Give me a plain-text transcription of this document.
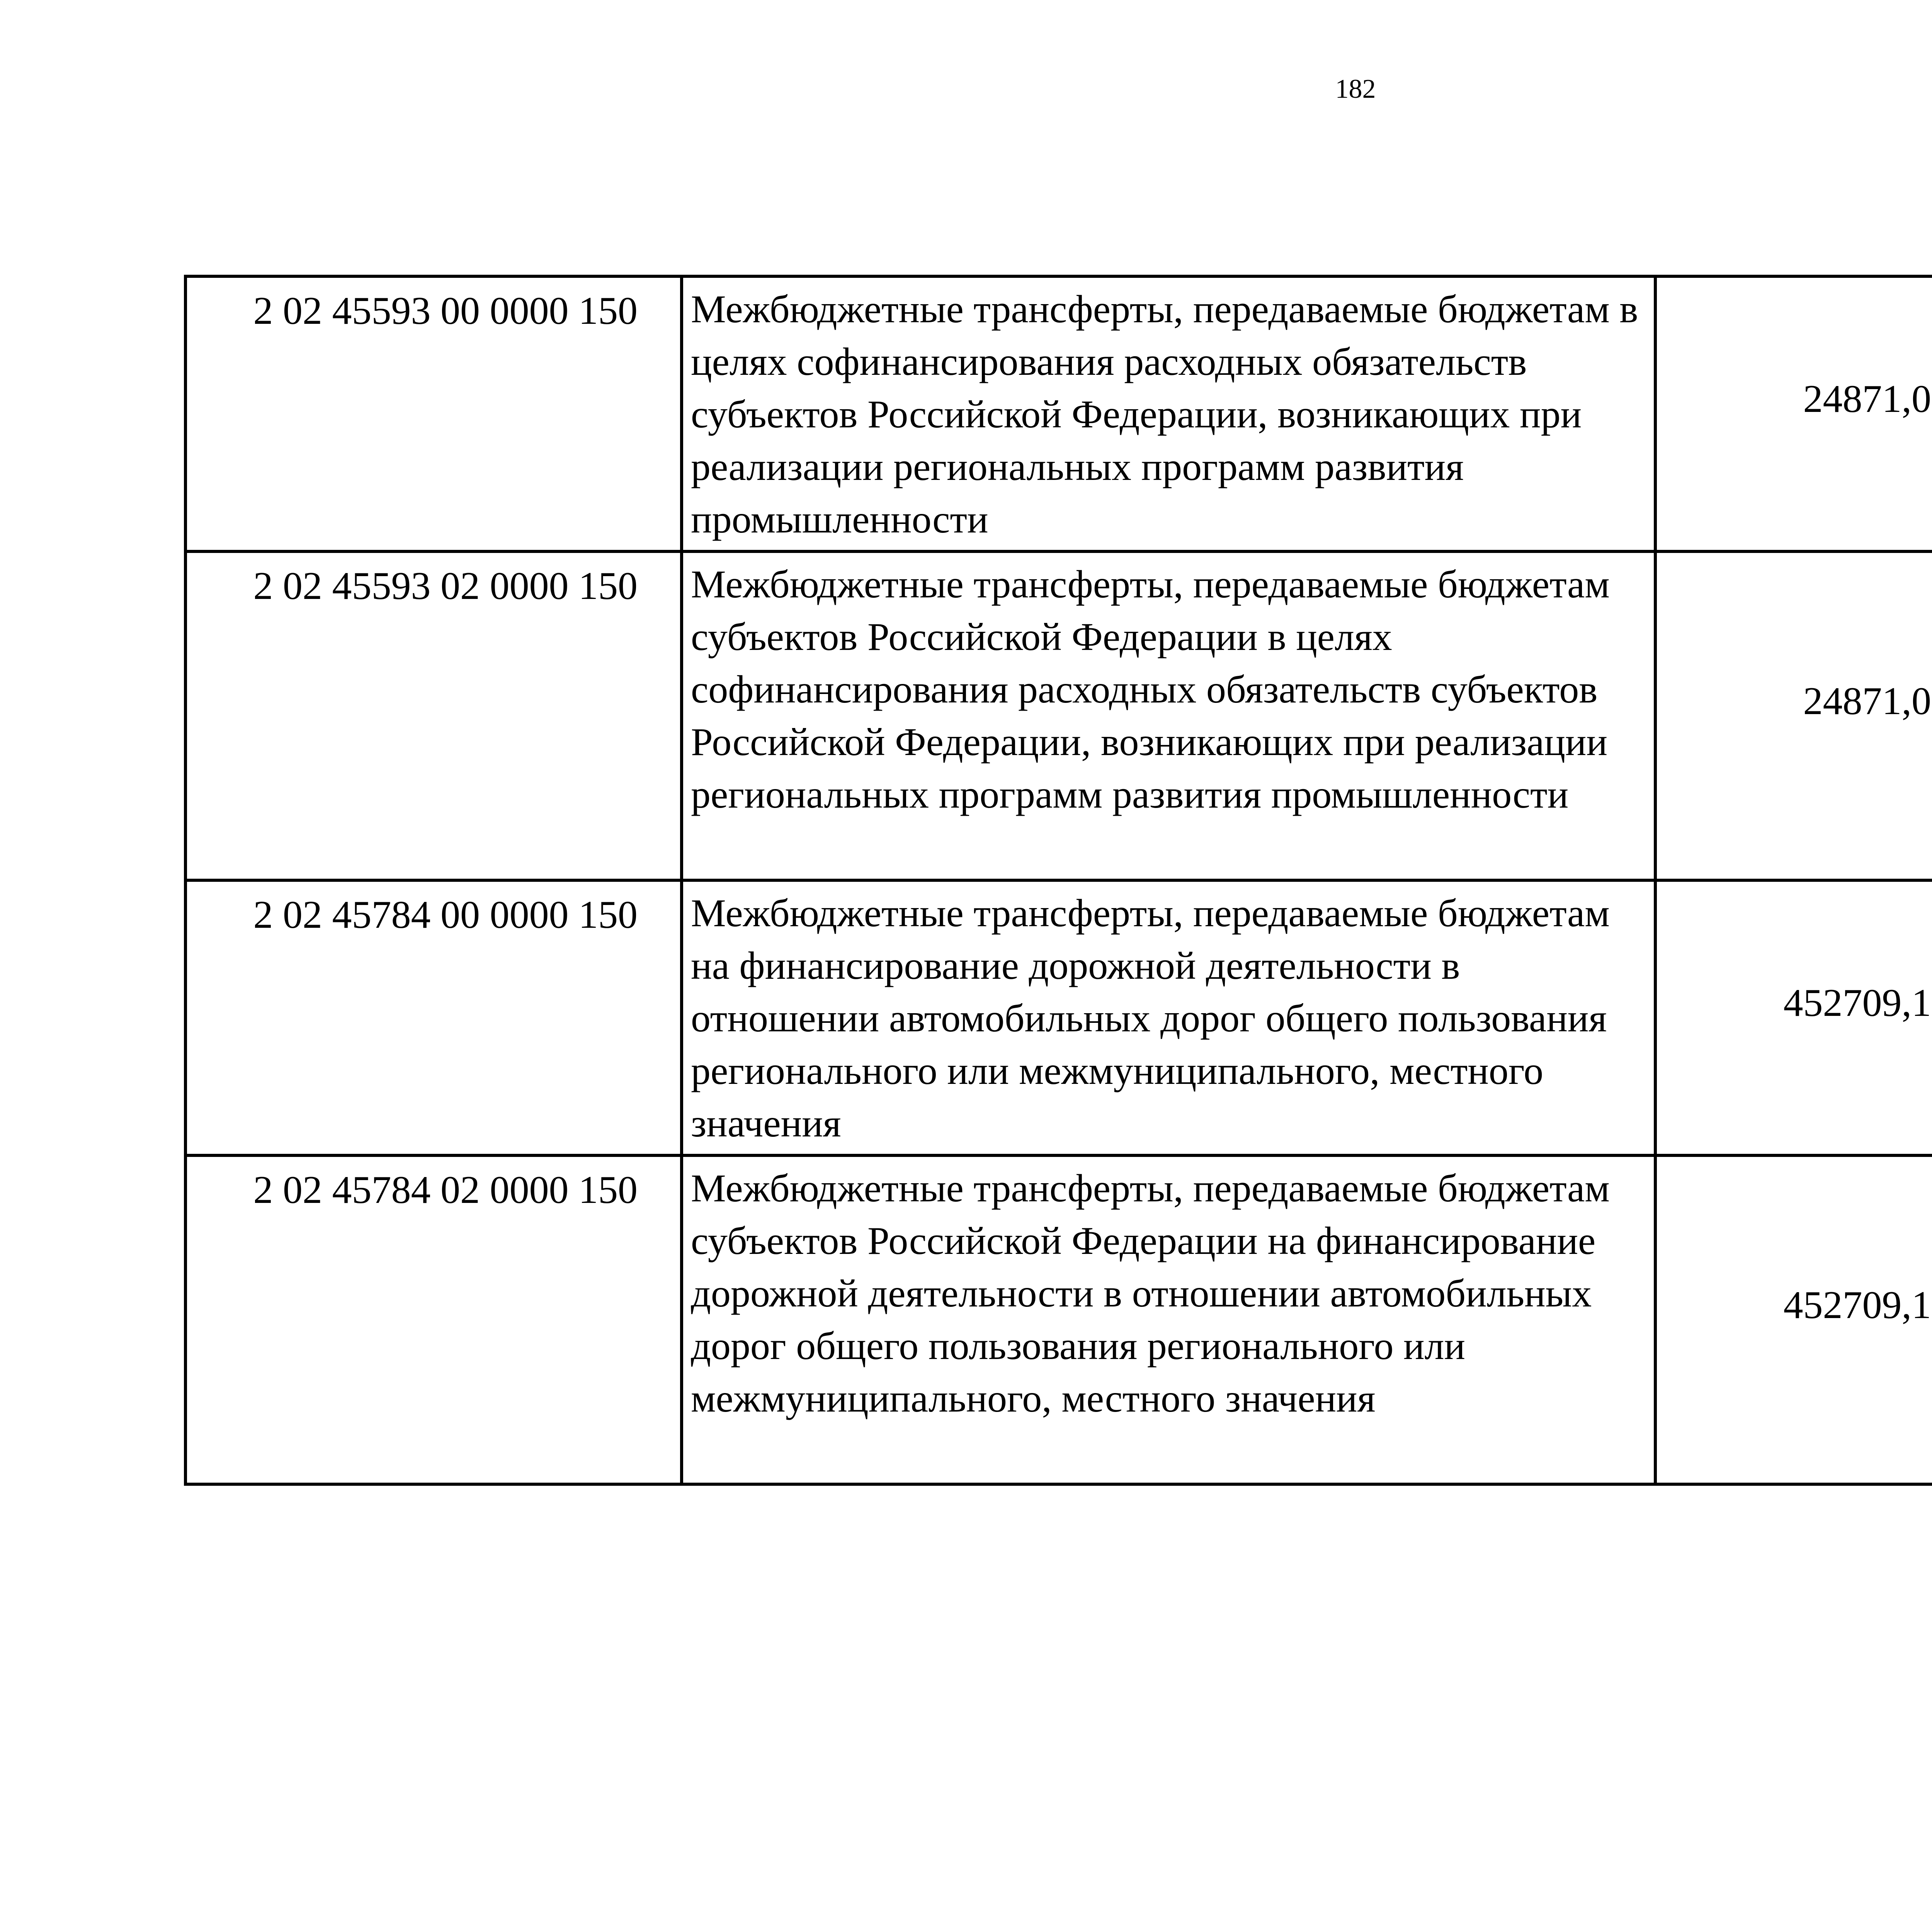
182
2 02 45593 00 0000 150	Межбюджетные трансферты, передаваемые бюджетам в целях софинансирования расходных обязательств субъектов Российской Федерации, возникающих при реализации региональных программ развития промышленности	24871,0		
2 02 45593 02 0000 150	Межбюджетные трансферты, передаваемые бюджетам субъектов Российской Федерации в целях софинансирования расходных обязательств субъектов Российской Федерации, возникающих при реализации региональных программ развития промышленности	24871,0		
2 02 45784 00 0000 150	Межбюджетные трансферты, передаваемые бюджетам на финансирование дорожной деятельности в отношении автомобильных дорог общего пользования регионального или межмуниципального, местного значения	452709,1		
2 02 45784 02 0000 150	Межбюджетные трансферты, передаваемые бюджетам субъектов Российской Федерации на финансирование дорожной деятельности в отношении автомобильных дорог общего пользования регионального или межмуниципального, местного значения	452709,1		
